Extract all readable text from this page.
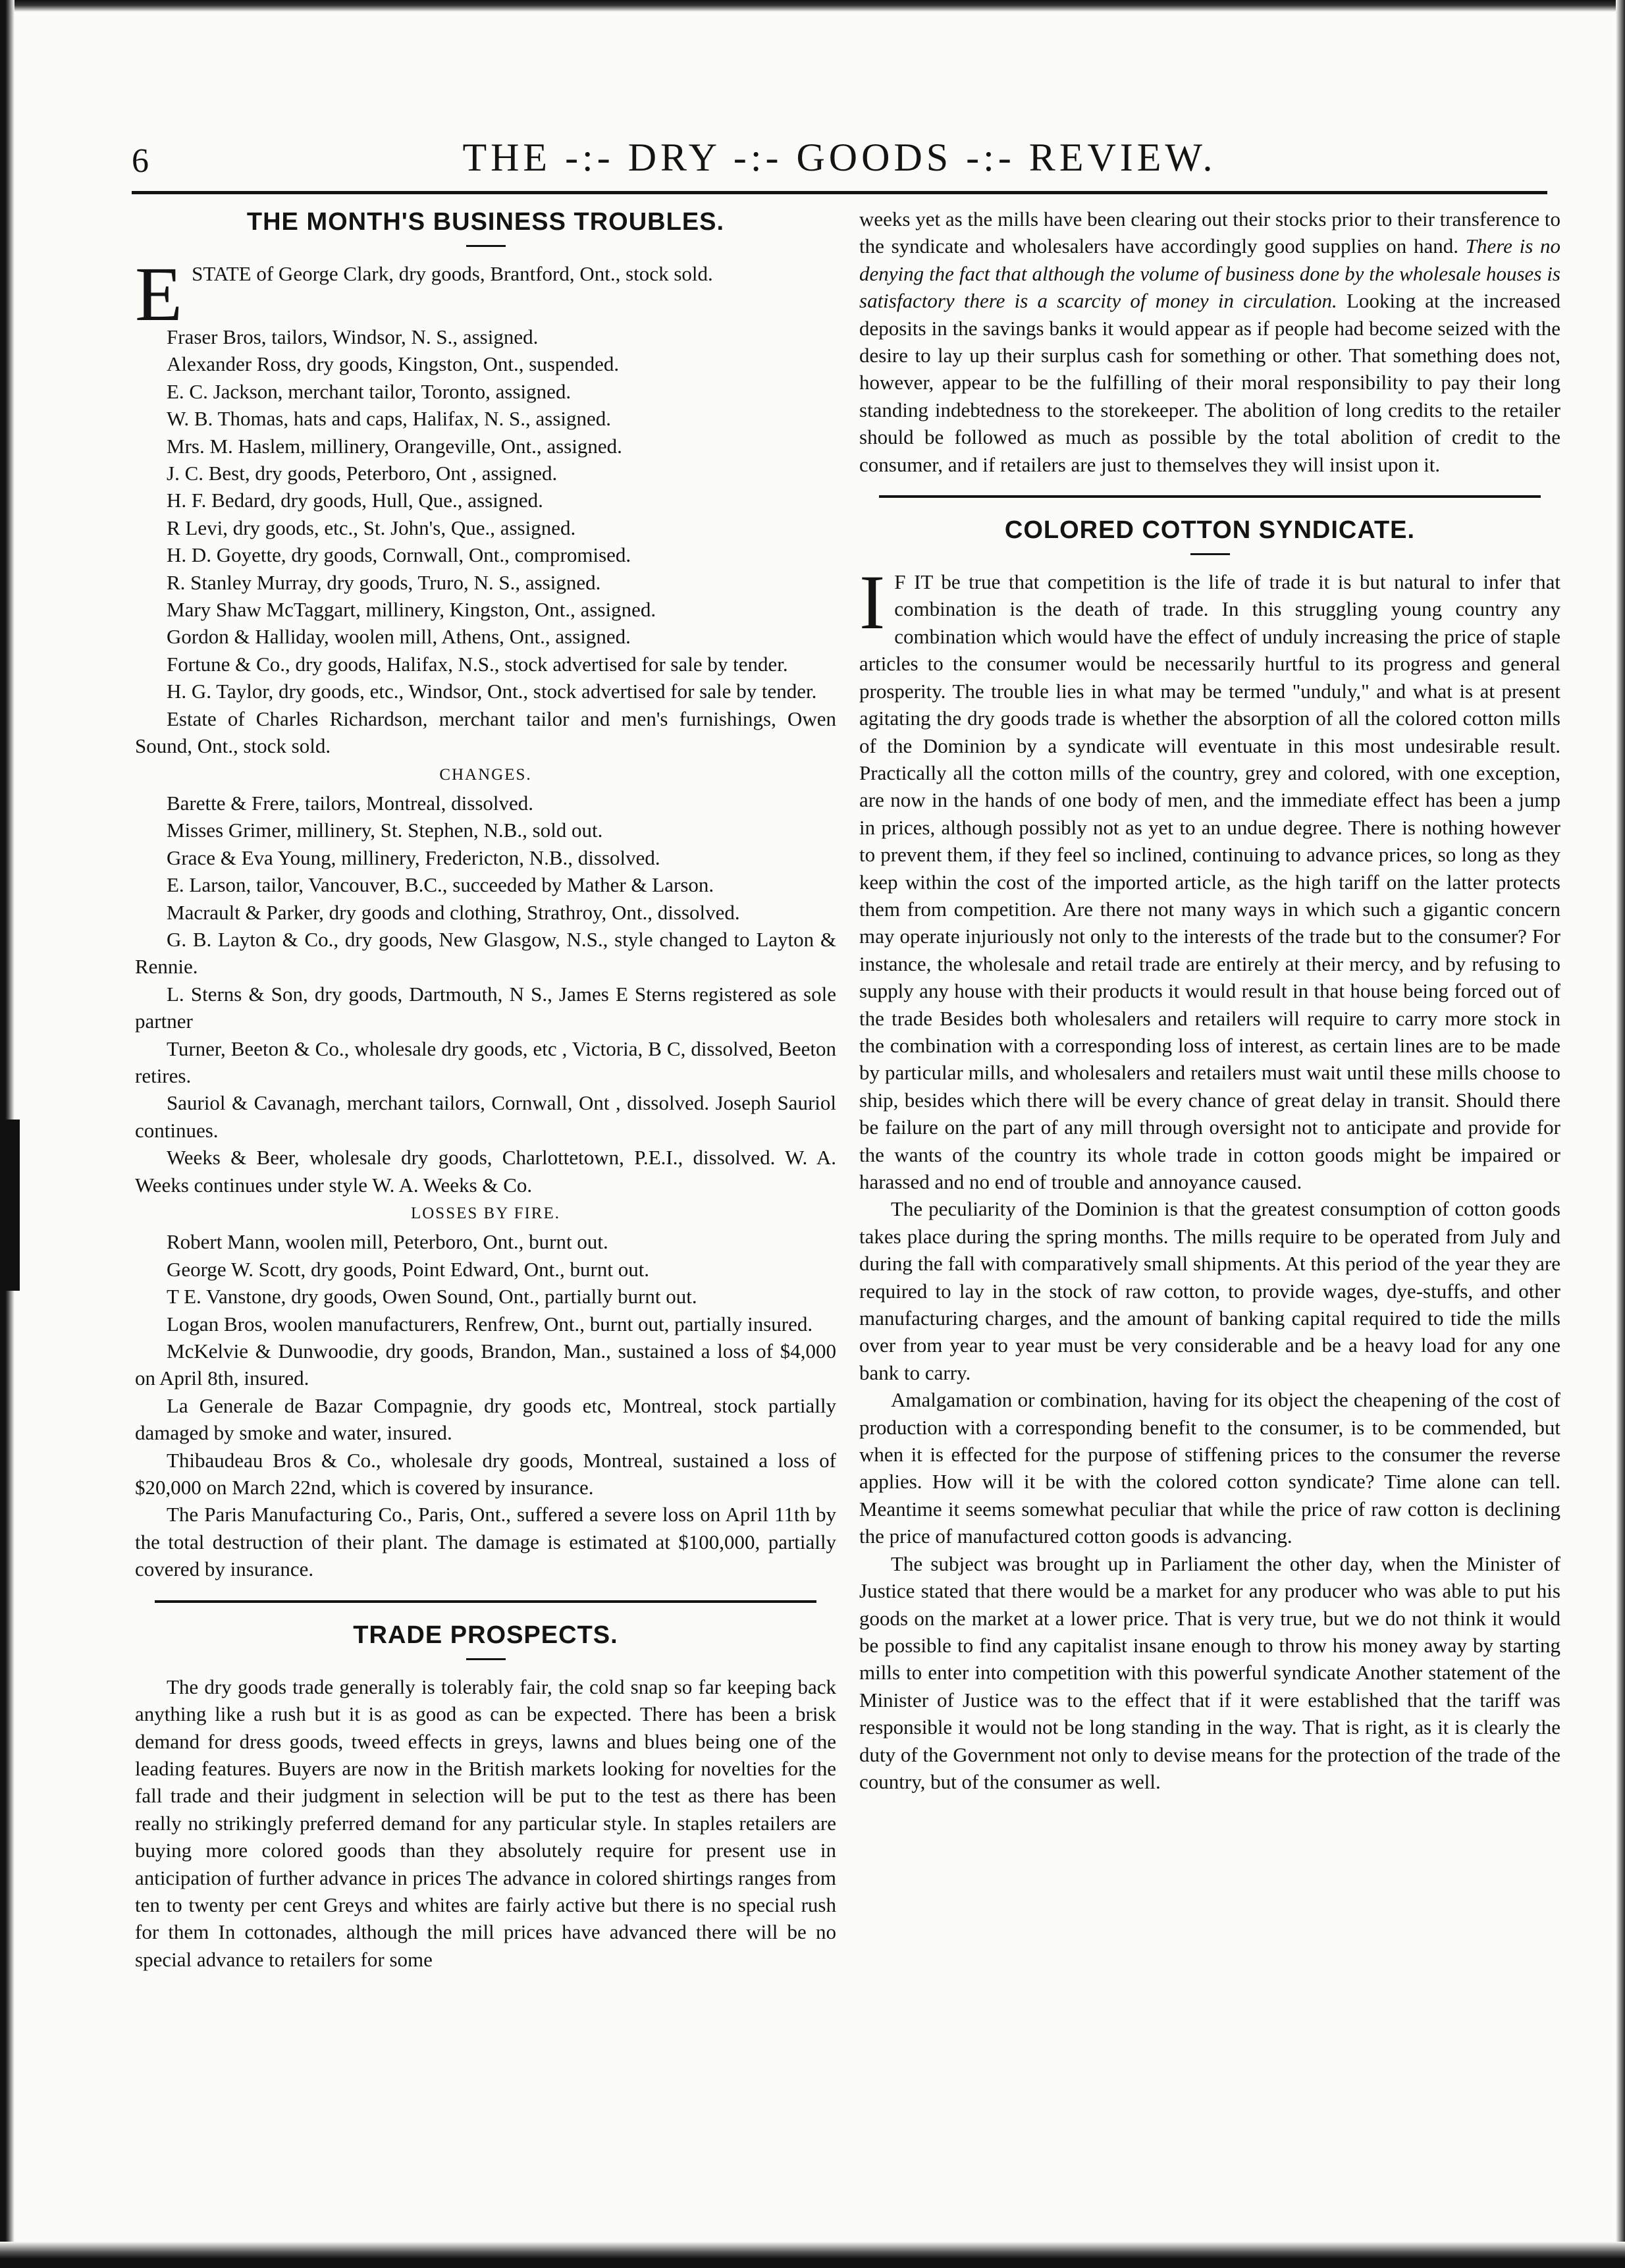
6	THE -:- DRY -:- GOODS -:- REVIEW.
THE MONTH'S BUSINESS TROUBLES.

ESTATE of George Clark, dry goods, Brantford, Ont., stock sold.

Fraser Bros, tailors, Windsor, N. S., assigned.

Alexander Ross, dry goods, Kingston, Ont., suspended.

E. C. Jackson, merchant tailor, Toronto, assigned.

W. B. Thomas, hats and caps, Halifax, N. S., assigned.

Mrs. M. Haslem, millinery, Orangeville, Ont., assigned.

J. C. Best, dry goods, Peterboro, Ont , assigned.

H. F. Bedard, dry goods, Hull, Que., assigned.

R Levi, dry goods, etc., St. John's, Que., assigned.

H. D. Goyette, dry goods, Cornwall, Ont., compromised.

R. Stanley Murray, dry goods, Truro, N. S., assigned.

Mary Shaw McTaggart, millinery, Kingston, Ont., assigned.

Gordon & Halliday, woolen mill, Athens, Ont., assigned.

Fortune & Co., dry goods, Halifax, N.S., stock advertised for sale by tender.

H. G. Taylor, dry goods, etc., Windsor, Ont., stock advertised for sale by tender.

Estate of Charles Richardson, merchant tailor and men's furnishings, Owen Sound, Ont., stock sold.

CHANGES.

Barette & Frere, tailors, Montreal, dissolved.

Misses Grimer, millinery, St. Stephen, N.B., sold out.

Grace & Eva Young, millinery, Fredericton, N.B., dissolved.

E. Larson, tailor, Vancouver, B.C., succeeded by Mather & Larson.

Macrault & Parker, dry goods and clothing, Strathroy, Ont., dissolved.

G. B. Layton & Co., dry goods, New Glasgow, N.S., style changed to Layton & Rennie.

L. Sterns & Son, dry goods, Dartmouth, N S., James E Sterns registered as sole partner

Turner, Beeton & Co., wholesale dry goods, etc , Victoria, B C, dissolved, Beeton retires.

Sauriol & Cavanagh, merchant tailors, Cornwall, Ont , dissolved. Joseph Sauriol continues.

Weeks & Beer, wholesale dry goods, Charlottetown, P.E.I., dissolved. W. A. Weeks continues under style W. A. Weeks & Co.

LOSSES BY FIRE.

Robert Mann, woolen mill, Peterboro, Ont., burnt out.

George W. Scott, dry goods, Point Edward, Ont., burnt out.

T E. Vanstone, dry goods, Owen Sound, Ont., partially burnt out.

Logan Bros, woolen manufacturers, Renfrew, Ont., burnt out, partially insured.

McKelvie & Dunwoodie, dry goods, Brandon, Man., sustained a loss of $4,000 on April 8th, insured.

La Generale de Bazar Compagnie, dry goods etc, Montreal, stock partially damaged by smoke and water, insured.

Thibaudeau Bros & Co., wholesale dry goods, Montreal, sustained a loss of $20,000 on March 22nd, which is covered by insurance.

The Paris Manufacturing Co., Paris, Ont., suffered a severe loss on April 11th by the total destruction of their plant. The damage is estimated at $100,000, partially covered by insurance.

TRADE PROSPECTS.

The dry goods trade generally is tolerably fair, the cold snap so far keeping back anything like a rush but it is as good as can be expected. There has been a brisk demand for dress goods, tweed effects in greys, lawns and blues being one of the leading features. Buyers are now in the British markets looking for novelties for the fall trade and their judgment in selection will be put to the test as there has been really no strikingly preferred demand for any particular style. In staples retailers are buying more colored goods than they absolutely require for present use in anticipation of further advance in prices The advance in colored shirtings ranges from ten to twenty per cent Greys and whites are fairly active but there is no special rush for them In cottonades, although the mill prices have advanced there will be no special advance to retailers for some

weeks yet as the mills have been clearing out their stocks prior to their transference to the syndicate and wholesalers have accordingly good supplies on hand. There is no denying the fact that although the volume of business done by the wholesale houses is satisfactory there is a scarcity of money in circulation. Looking at the increased deposits in the savings banks it would appear as if people had become seized with the desire to lay up their surplus cash for something or other. That something does not, however, appear to be the fulfilling of their moral responsibility to pay their long standing indebtedness to the storekeeper. The abolition of long credits to the retailer should be followed as much as possible by the total abolition of credit to the consumer, and if retailers are just to themselves they will insist upon it.

COLORED COTTON SYNDICATE.

I F IT be true that competition is the life of trade it is but natural to infer that combination is the death of trade. In this struggling young country any combination which would have the effect of unduly increasing the price of staple articles to the consumer would be necessarily hurtful to its progress and general prosperity. The trouble lies in what may be termed "unduly," and what is at present agitating the dry goods trade is whether the absorption of all the colored cotton mills of the Dominion by a syndicate will eventuate in this most undesirable result. Practically all the cotton mills of the country, grey and colored, with one exception, are now in the hands of one body of men, and the immediate effect has been a jump in prices, although possibly not as yet to an undue degree. There is nothing however to prevent them, if they feel so inclined, continuing to advance prices, so long as they keep within the cost of the imported article, as the high tariff on the latter protects them from competition. Are there not many ways in which such a gigantic concern may operate injuriously not only to the interests of the trade but to the consumer? For instance, the wholesale and retail trade are entirely at their mercy, and by refusing to supply any house with their products it would result in that house being forced out of the trade Besides both wholesalers and retailers will require to carry more stock in the combination with a corresponding loss of interest, as certain lines are to be made by particular mills, and wholesalers and retailers must wait until these mills choose to ship, besides which there will be every chance of great delay in transit. Should there be failure on the part of any mill through oversight not to anticipate and provide for the wants of the country its whole trade in cotton goods might be impaired or harassed and no end of trouble and annoyance caused.

The peculiarity of the Dominion is that the greatest consumption of cotton goods takes place during the spring months. The mills require to be operated from July and during the fall with comparatively small shipments. At this period of the year they are required to lay in the stock of raw cotton, to provide wages, dye-stuffs, and other manufacturing charges, and the amount of banking capital required to tide the mills over from year to year must be very considerable and be a heavy load for any one bank to carry.

Amalgamation or combination, having for its object the cheapening of the cost of production with a corresponding benefit to the consumer, is to be commended, but when it is effected for the purpose of stiffening prices to the consumer the reverse applies. How will it be with the colored cotton syndicate? Time alone can tell. Meantime it seems somewhat peculiar that while the price of raw cotton is declining the price of manufactured cotton goods is advancing.

The subject was brought up in Parliament the other day, when the Minister of Justice stated that there would be a market for any producer who was able to put his goods on the market at a lower price. That is very true, but we do not think it would be possible to find any capitalist insane enough to throw his money away by starting mills to enter into competition with this powerful syndicate Another statement of the Minister of Justice was to the effect that if it were established that the tariff was responsible it would not be long standing in the way. That is right, as it is clearly the duty of the Government not only to devise means for the protection of the trade of the country, but of the consumer as well.
